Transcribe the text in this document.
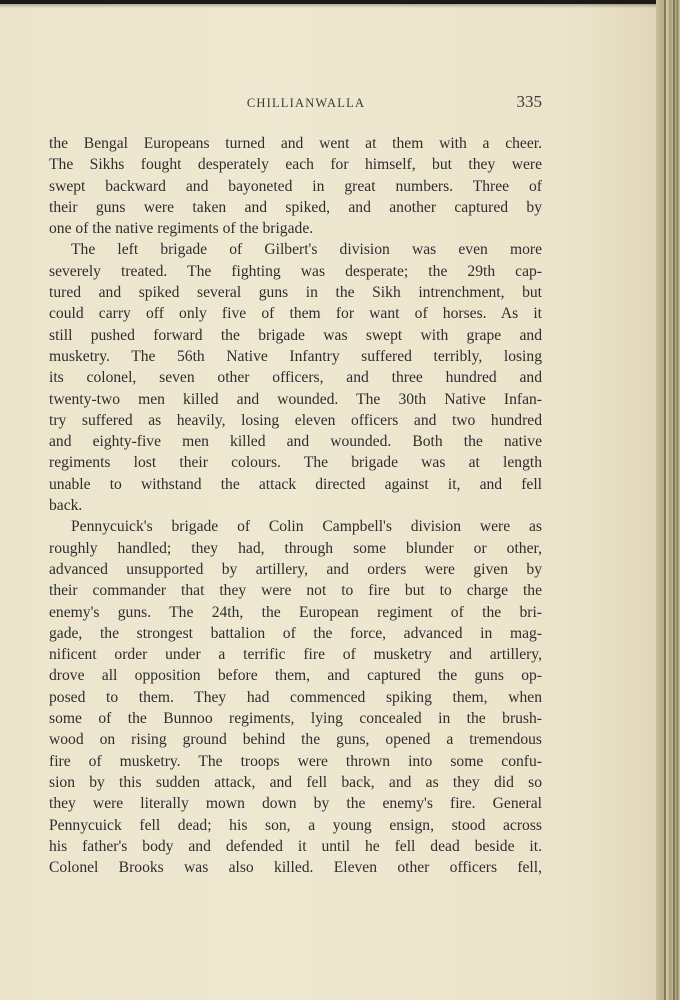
CHILLIANWALLA	335
the Bengal Europeans turned and went at them with a cheer.
The Sikhs fought desperately each for himself, but they were
swept backward and bayoneted in great numbers. Three of
their guns were taken and spiked, and another captured by
one of the native regiments of the brigade.
The left brigade of Gilbert's division was even more
severely treated. The fighting was desperate; the 29th cap-
tured and spiked several guns in the Sikh intrenchment, but
could carry off only five of them for want of horses. As it
still pushed forward the brigade was swept with grape and
musketry. The 56th Native Infantry suffered terribly, losing
its colonel, seven other officers, and three hundred and
twenty-two men killed and wounded. The 30th Native Infan-
try suffered as heavily, losing eleven officers and two hundred
and eighty-five men killed and wounded. Both the native
regiments lost their colours. The brigade was at length
unable to withstand the attack directed against it, and fell
back.
Pennycuick's brigade of Colin Campbell's division were as
roughly handled; they had, through some blunder or other,
advanced unsupported by artillery, and orders were given by
their commander that they were not to fire but to charge the
enemy's guns. The 24th, the European regiment of the bri-
gade, the strongest battalion of the force, advanced in mag-
nificent order under a terrific fire of musketry and artillery,
drove all opposition before them, and captured the guns op-
posed to them. They had commenced spiking them, when
some of the Bunnoo regiments, lying concealed in the brush-
wood on rising ground behind the guns, opened a tremendous
fire of musketry. The troops were thrown into some confu-
sion by this sudden attack, and fell back, and as they did so
they were literally mown down by the enemy's fire. General
Pennycuick fell dead; his son, a young ensign, stood across
his father's body and defended it until he fell dead beside it.
Colonel Brooks was also killed. Eleven other officers fell,
